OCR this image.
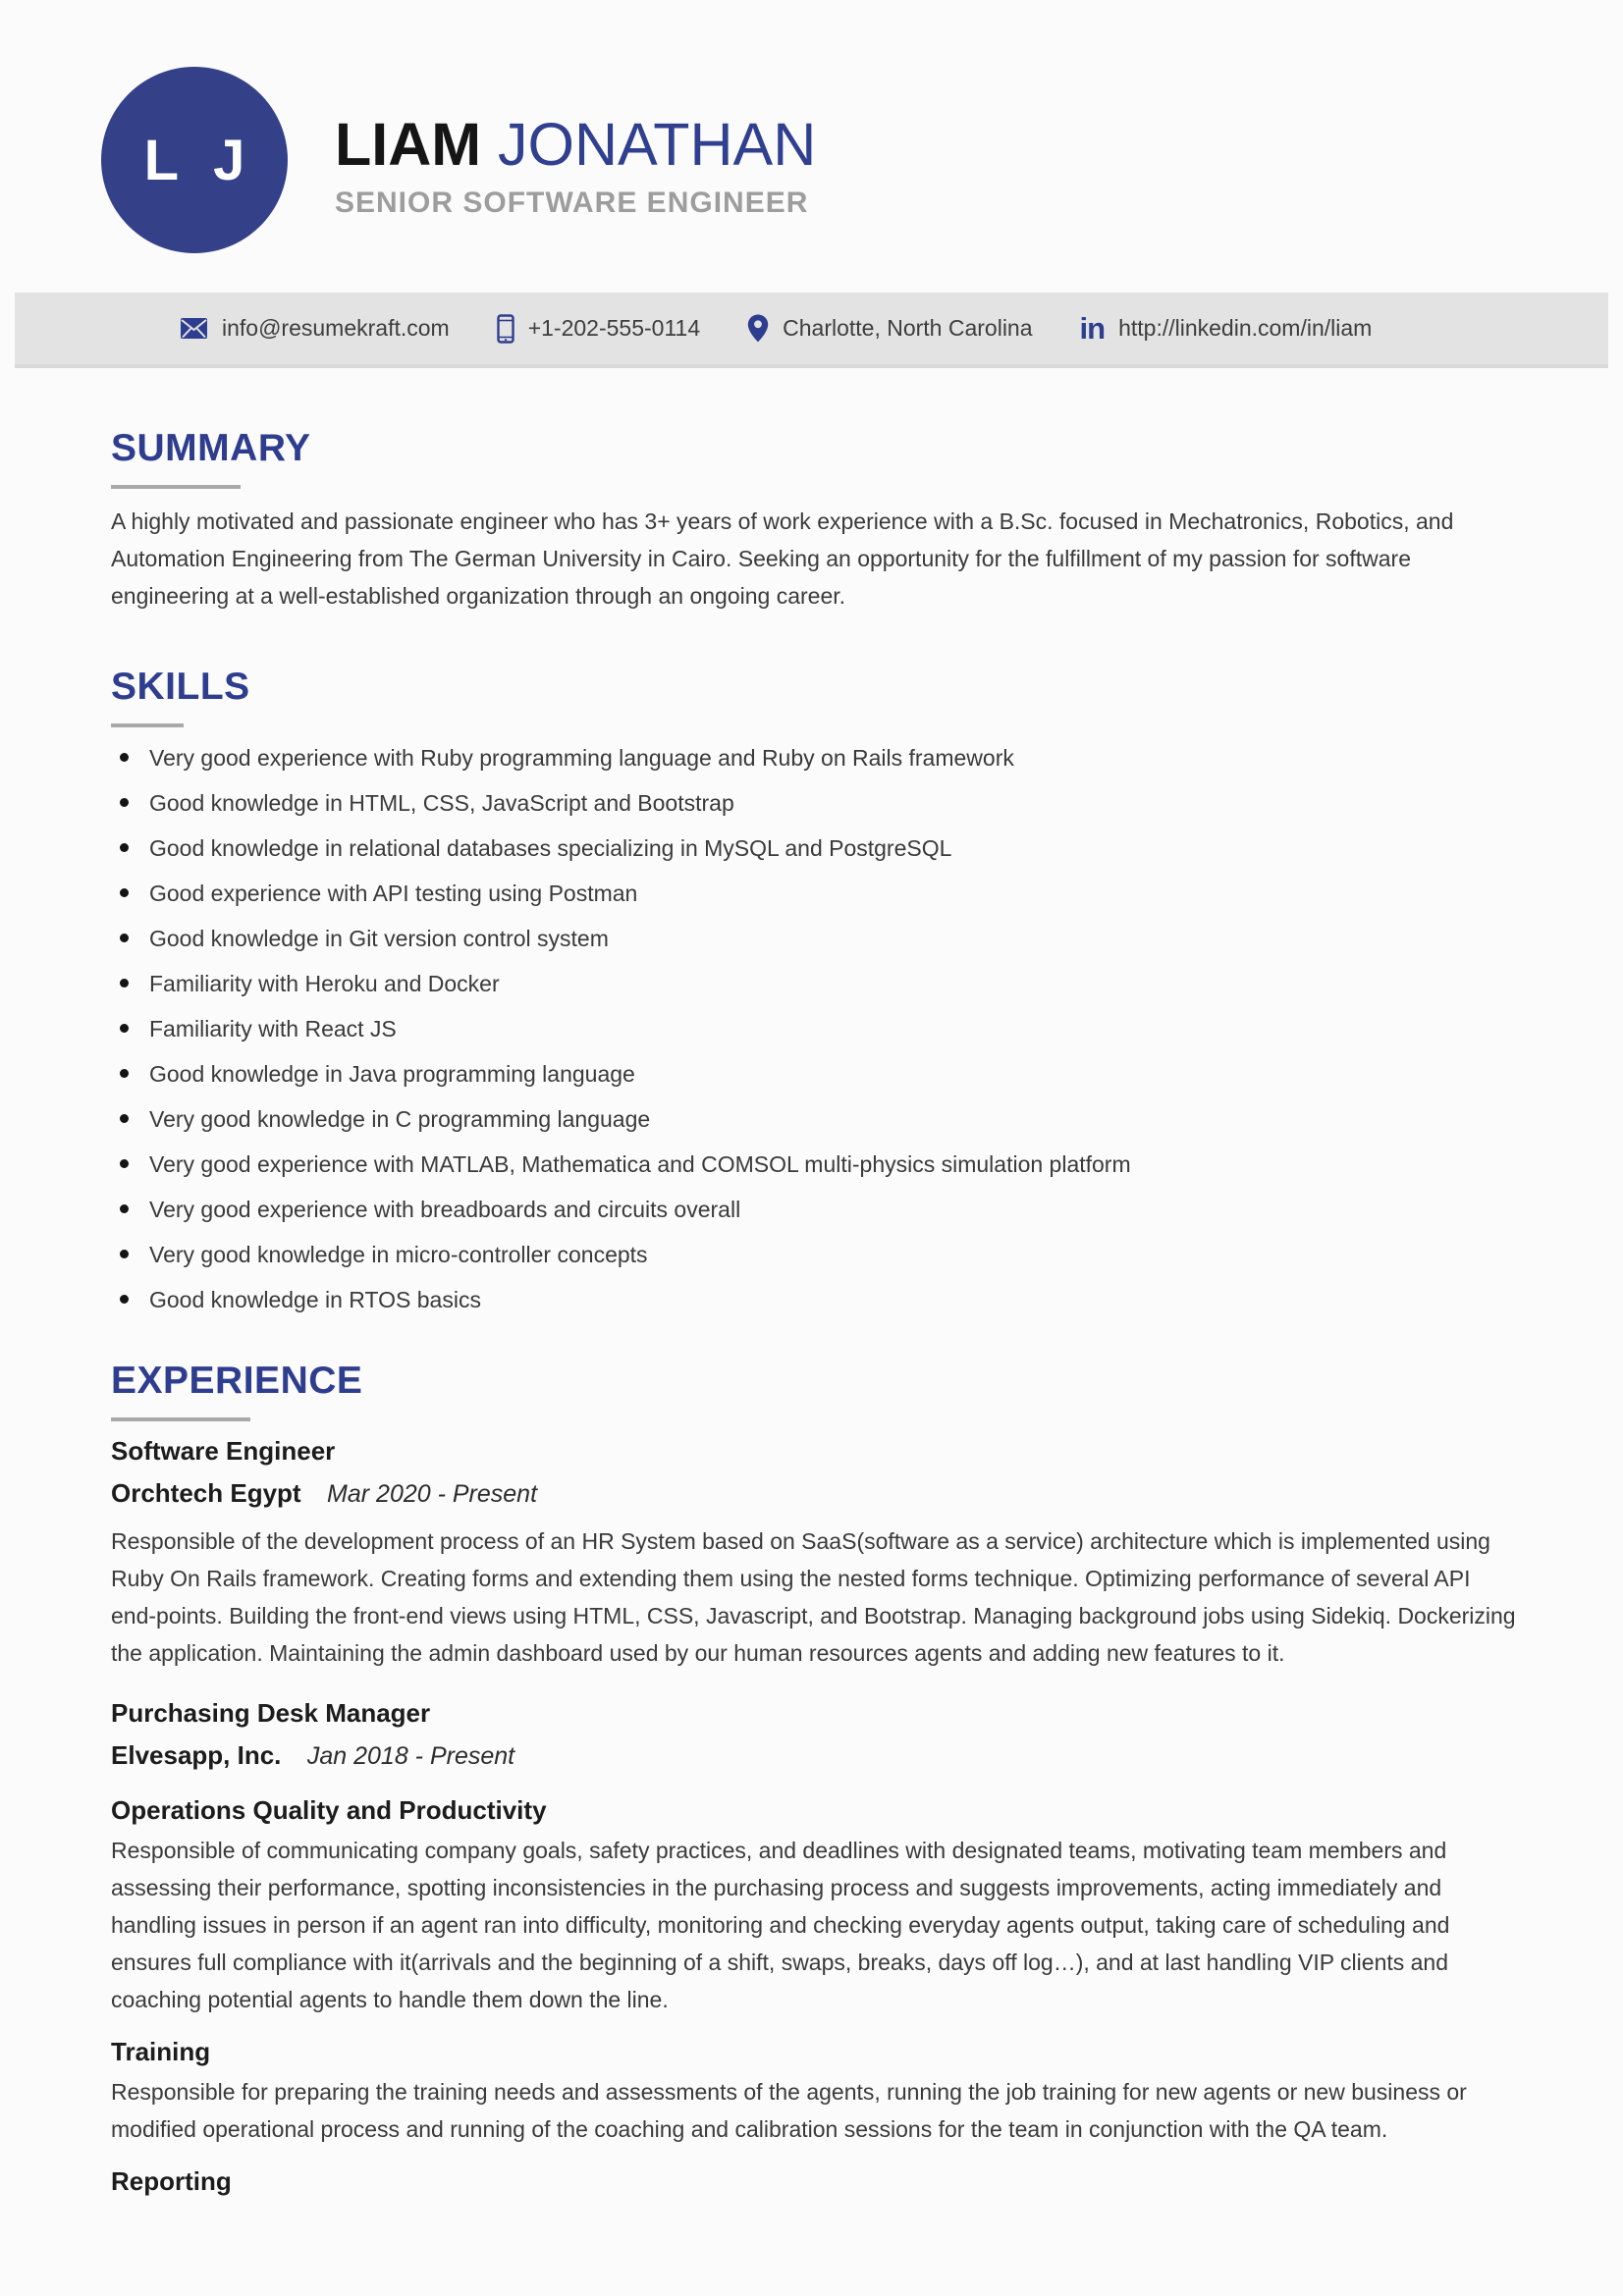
L J LIAM JONATHAN
SENIOR SOFTWARE ENGINEER
info@resumekraft.com	+1-202-555-0114	Charlotte, North Carolina in http://linkedin.com/in/liam
SUMMARY

A highly motivated and passionate engineer who has 3+ years of work experience with a B.Sc. focused in Mechatronics, Robotics, and Automation Engineering from The German University in Cairo. Seeking an opportunity for the fulfillment of my passion for software engineering at a well-established organization through an ongoing career.

SKILLS
Very good experience with Ruby programming language and Ruby on Rails framework
Good knowledge in HTML, CSS, JavaScript and Bootstrap
Good knowledge in relational databases specializing in MySQL and PostgreSQL
Good experience with API testing using Postman
Good knowledge in Git version control system
Familiarity with Heroku and Docker
Familiarity with React JS
Good knowledge in Java programming language
Very good knowledge in C programming language
Very good experience with MATLAB, Mathematica and COMSOL multi-physics simulation platform
Very good experience with breadboards and circuits overall
Very good knowledge in micro-controller concepts
Good knowledge in RTOS basics
EXPERIENCE
Software Engineer
Orchtech Egypt Mar 2020 - Present

Responsible of the development process of an HR System based on SaaS(software as a service) architecture which is implemented using Ruby On Rails framework. Creating forms and extending them using the nested forms technique. Optimizing performance of several API end-points. Building the front-end views using HTML, CSS, Javascript, and Bootstrap. Managing background jobs using Sidekiq. Dockerizing the application. Maintaining the admin dashboard used by our human resources agents and adding new features to it.

Purchasing Desk Manager
Elvesapp, Inc. Jan 2018 - Present
Operations Quality and Productivity

Responsible of communicating company goals, safety practices, and deadlines with designated teams, motivating team members and assessing their performance, spotting inconsistencies in the purchasing process and suggests improvements, acting immediately and handling issues in person if an agent ran into difficulty, monitoring and checking everyday agents output, taking care of scheduling and ensures full compliance with it(arrivals and the beginning of a shift, swaps, breaks, days off log…), and at last handling VIP clients and coaching potential agents to handle them down the line.

Training

Responsible for preparing the training needs and assessments of the agents, running the job training for new agents or new business or modified operational process and running of the coaching and calibration sessions for the team in conjunction with the QA team.

Reporting
